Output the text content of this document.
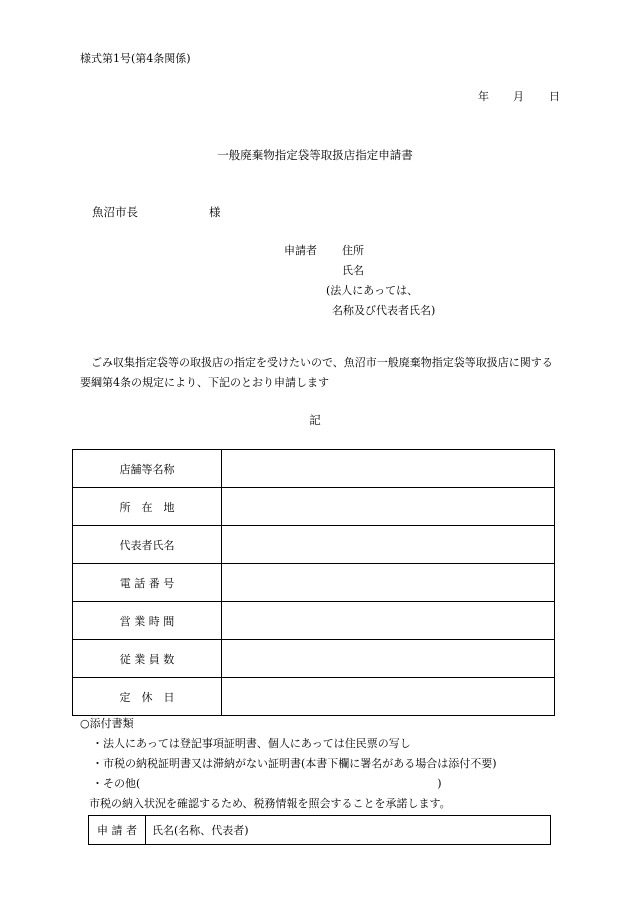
様式第1号(第4条関係)
年 月 日
一般廃棄物指定袋等取扱店指定申請書
魚沼市長	様
申請者 住所
氏名
(法人にあっては、
名称及び代表者氏名)
ごみ収集指定袋等の取扱店の指定を受けたいので、魚沼市一般廃棄物指定袋等取扱店に関する要綱第4条の規定により、下記のとおり申請します
記
店舗等名称	
所　在　地	
代表者氏名	
電 話 番 号	
営 業 時 間	
従 業 員 数	
定　休　日	
○添付書類
・法人にあっては登記事項証明書、個人にあっては住民票の写し
・市税の納税証明書又は滞納がない証明書(本書下欄に署名がある場合は添付不要)
・その他(　　　　　　　　　　　　　　　　　　　　　　　　　　　)
市税の納入状況を確認するため、税務情報を照会することを承諾します。
申 請 者	氏名(名称、代表者)
